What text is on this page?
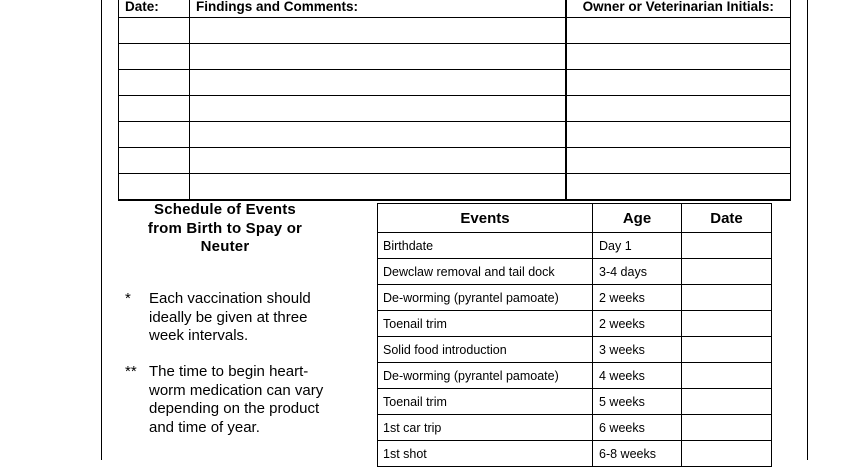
Date:	Findings and Comments:	Owner or Veterinarian Initials:

Schedule of Events
from Birth to Spay or
Neuter
* Each vaccination should
ideally be given at three
week intervals.
** The time to begin heart-
worm medication can vary
depending on the product
and time of year.
Events	Age	Date
Birthdate	Day 1	
Dewclaw removal and tail dock	3-4 days	
De-worming (pyrantel pamoate)	2 weeks	
Toenail trim	2 weeks	
Solid food introduction	3 weeks	
De-worming (pyrantel pamoate)	4 weeks	
Toenail trim	5 weeks	
1st car trip	6 weeks	
1st shot	6-8 weeks	
